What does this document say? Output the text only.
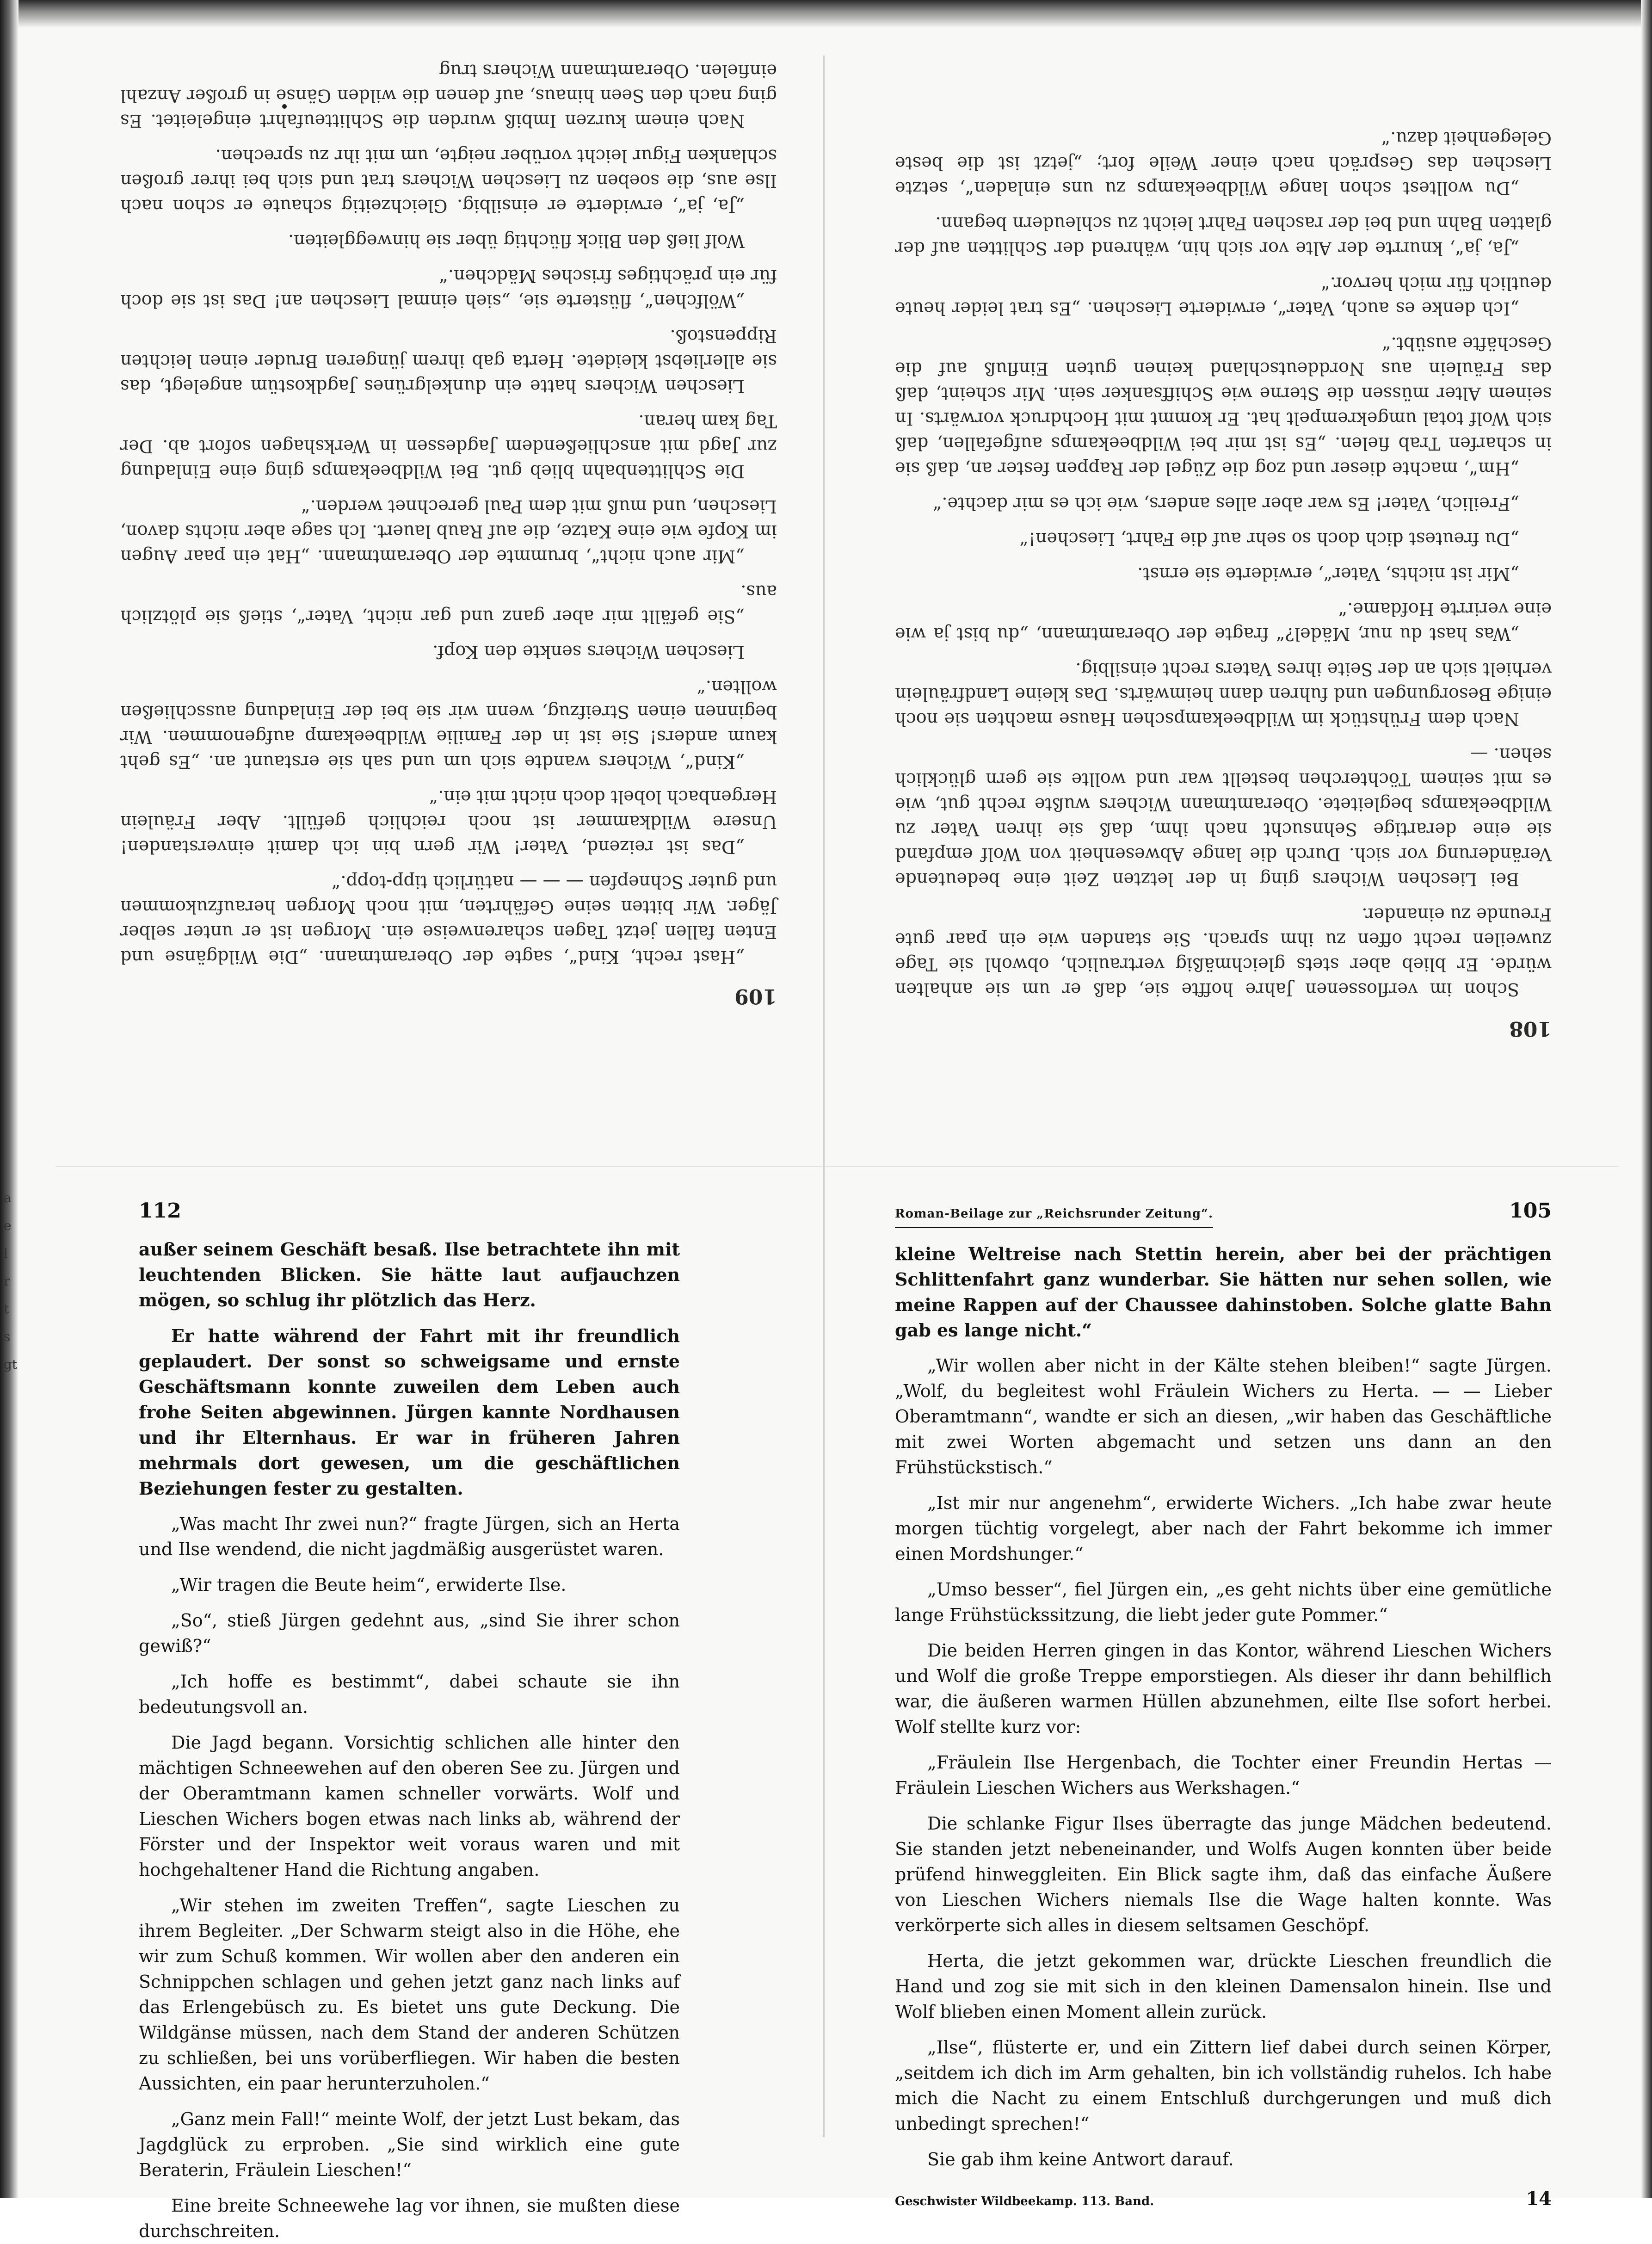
108

Schon im verflossenen Jahre hoffte sie, daß er um sie anhalten würde. Er blieb aber stets gleichmäßig vertraulich, obwohl sie Tage zuweilen recht offen zu ihm sprach. Sie standen wie ein paar gute Freunde zu einander.

Bei Lieschen Wichers ging in der letzten Zeit eine bedeutende Veränderung vor sich. Durch die lange Abwesenheit von Wolf empfand sie eine derartige Sehnsucht nach ihm, daß sie ihren Vater zu Wildbeekamps begleitete. Oberamtmann Wichers wußte recht gut, wie es mit seinem Töchterchen bestellt war und wollte sie gern glücklich sehen. —

Nach dem Frühstück im Wildbeekampschen Hause machten sie noch einige Besorgungen und fuhren dann heimwärts. Das kleine Landfräulein verhielt sich an der Seite ihres Vaters recht einsilbig.

„Was hast du nur, Mädel?“ fragte der Oberamtmann, „du bist ja wie eine verirrte Hofdame.“

„Mir ist nichts, Vater“, erwiderte sie ernst.

„Du freutest dich doch so sehr auf die Fahrt, Lieschen!“

„Freilich, Vater! Es war aber alles anders, wie ich es mir dachte.“

„Hm“, machte dieser und zog die Zügel der Rappen fester an, daß sie in scharfen Trab fielen. „Es ist mir bei Wildbeekamps aufgefallen, daß sich Wolf total umgekrempelt hat. Er kommt mit Hochdruck vorwärts. In seinem Alter müssen die Sterne wie Schiffsanker sein. Mir scheint, daß das Fräulein aus Norddeutschland keinen guten Einfluß auf die Geschäfte ausübt.“

„Ich denke es auch, Vater“, erwiderte Lieschen. „Es trat leider heute deutlich für mich hervor.“

„Ja, ja“, knurrte der Alte vor sich hin, während der Schlitten auf der glatten Bahn und bei der raschen Fahrt leicht zu schleudern begann.

„Du wolltest schon lange Wildbeekamps zu uns einladen“, setzte Lieschen das Gespräch nach einer Weile fort; „jetzt ist die beste Gelegenheit dazu.“

109

„Hast recht, Kind“, sagte der Oberamtmann. „Die Wildgänse und Enten fallen jetzt Tagen scharenweise ein. Morgen ist er unter selber Jäger. Wir bitten seine Gefährten, mit noch Morgen heraufzukommen und guter Schnepfen — — — natürlich tipp-topp.“

„Das ist reizend, Vater! Wir gern bin ich damit einverstanden! Unsere Wildkammer ist noch reichlich gefüllt. Aber Fräulein Hergenbach lobelt doch nicht mit ein.“

„Kind“, Wichers wandte sich um und sah sie erstaunt an. „Es geht kaum anders! Sie ist in der Familie Wildbeekamp aufgenommen. Wir beginnen einen Streifzug, wenn wir sie bei der Einladung ausschließen wollten.“

Lieschen Wichers senkte den Kopf.

„Sie gefällt mir aber ganz und gar nicht, Vater“, stieß sie plötzlich aus.

„Mir auch nicht“, brummte der Oberamtmann. „Hat ein paar Augen im Kopfe wie eine Katze, die auf Raub lauert. Ich sage aber nichts davon, Lieschen, und muß mit dem Paul gerechnet werden.“

Die Schlittenbahn blieb gut. Bei Wildbeekamps ging eine Einladung zur Jagd mit anschließendem Jagdessen in Werkshagen sofort ab. Der Tag kam heran.

Lieschen Wichers hatte ein dunkelgrünes Jagdkostüm angelegt, das sie allerliebst kleidete. Herta gab ihrem jüngeren Bruder einen leichten Rippenstoß.

„Wölfchen“, flüsterte sie, „sieh einmal Lieschen an! Das ist sie doch für ein prächtiges frisches Mädchen.“

Wolf ließ den Blick flüchtig über sie hinweggleiten.

„Ja, ja“, erwiderte er einsilbig. Gleichzeitig schaute er schon nach Ilse aus, die soeben zu Lieschen Wichers trat und sich bei ihrer großen schlanken Figur leicht vorüber neigte, um mit ihr zu sprechen.

Nach einem kurzen Imbiß wurden die Schlitteufahrt eingeleitet. Es ging nach den Seen hinaus, auf denen die wilden Gänse in großer Anzahl einfielen. Oberamtmann Wichers trug

Roman-Beilage zur „Reichsrunder Zeitung“.	105

kleine Weltreise nach Stettin herein, aber bei der prächtigen Schlittenfahrt ganz wunderbar. Sie hätten nur sehen sollen, wie meine Rappen auf der Chaussee dahinstoben. Solche glatte Bahn gab es lange nicht.“

„Wir wollen aber nicht in der Kälte stehen bleiben!“ sagte Jürgen. „Wolf, du begleitest wohl Fräulein Wichers zu Herta. — — Lieber Oberamtmann“, wandte er sich an diesen, „wir haben das Geschäftliche mit zwei Worten abgemacht und setzen uns dann an den Frühstückstisch.“

„Ist mir nur angenehm“, erwiderte Wichers. „Ich habe zwar heute morgen tüchtig vorgelegt, aber nach der Fahrt bekomme ich immer einen Mordshunger.“

„Umso besser“, fiel Jürgen ein, „es geht nichts über eine gemütliche lange Frühstückssitzung, die liebt jeder gute Pommer.“

Die beiden Herren gingen in das Kontor, während Lieschen Wichers und Wolf die große Treppe emporstiegen. Als dieser ihr dann behilflich war, die äußeren warmen Hüllen abzunehmen, eilte Ilse sofort herbei. Wolf stellte kurz vor:

„Fräulein Ilse Hergenbach, die Tochter einer Freundin Hertas — Fräulein Lieschen Wichers aus Werkshagen.“

Die schlanke Figur Ilses überragte das junge Mädchen bedeutend. Sie standen jetzt nebeneinander, und Wolfs Augen konnten über beide prüfend hinweggleiten. Ein Blick sagte ihm, daß das einfache Äußere von Lieschen Wichers niemals Ilse die Wage halten konnte. Was verkörperte sich alles in diesem seltsamen Geschöpf.

Herta, die jetzt gekommen war, drückte Lieschen freundlich die Hand und zog sie mit sich in den kleinen Damensalon hinein. Ilse und Wolf blieben einen Moment allein zurück.

„Ilse“, flüsterte er, und ein Zittern lief dabei durch seinen Körper, „seitdem ich dich im Arm gehalten, bin ich vollständig ruhelos. Ich habe mich die Nacht zu einem Entschluß durchgerungen und muß dich unbedingt sprechen!“

Sie gab ihm keine Antwort darauf.

Geschwister Wildbeekamp. 113. Band.	14
112

außer seinem Geschäft besaß. Ilse betrachtete ihn mit leuchtenden Blicken. Sie hätte laut aufjauchzen mögen, so schlug ihr plötzlich das Herz.

Er hatte während der Fahrt mit ihr freundlich geplaudert. Der sonst so schweigsame und ernste Geschäftsmann konnte zuweilen dem Leben auch frohe Seiten abgewinnen. Jürgen kannte Nordhausen und ihr Elternhaus. Er war in früheren Jahren mehrmals dort gewesen, um die geschäftlichen Beziehungen fester zu gestalten.

„Was macht Ihr zwei nun?“ fragte Jürgen, sich an Herta und Ilse wendend, die nicht jagdmäßig ausgerüstet waren.

„Wir tragen die Beute heim“, erwiderte Ilse.

„So“, stieß Jürgen gedehnt aus, „sind Sie ihrer schon gewiß?“

„Ich hoffe es bestimmt“, dabei schaute sie ihn bedeutungsvoll an.

Die Jagd begann. Vorsichtig schlichen alle hinter den mächtigen Schneewehen auf den oberen See zu. Jürgen und der Oberamtmann kamen schneller vorwärts. Wolf und Lieschen Wichers bogen etwas nach links ab, während der Förster und der Inspektor weit voraus waren und mit hochgehaltener Hand die Richtung angaben.

„Wir stehen im zweiten Treffen“, sagte Lieschen zu ihrem Begleiter. „Der Schwarm steigt also in die Höhe, ehe wir zum Schuß kommen. Wir wollen aber den anderen ein Schnippchen schlagen und gehen jetzt ganz nach links auf das Erlengebüsch zu. Es bietet uns gute Deckung. Die Wildgänse müssen, nach dem Stand der anderen Schützen zu schließen, bei uns vorüberfliegen. Wir haben die besten Aussichten, ein paar herunterzuholen.“

„Ganz mein Fall!“ meinte Wolf, der jetzt Lust bekam, das Jagdglück zu erproben. „Sie sind wirklich eine gute Beraterin, Fräulein Lieschen!“

Eine breite Schneewehe lag vor ihnen, sie mußten diese durchschreiten.

a
e
l
r
t
s
gt
